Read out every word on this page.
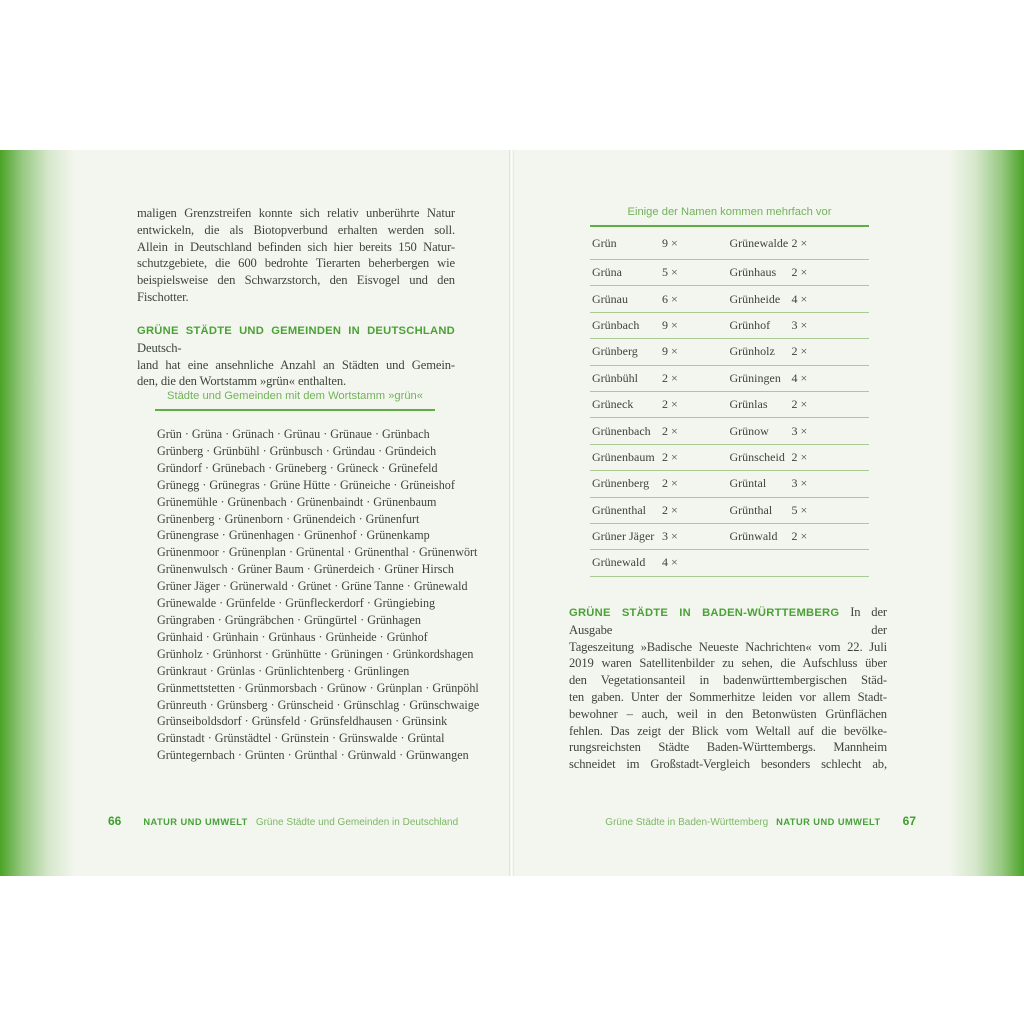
maligen Grenzstreifen konnte sich relativ unberührte Natur
entwickeln, die als Biotopverbund erhalten werden soll.
Allein in Deutschland befinden sich hier bereits 150 Natur-
schutzgebiete, die 600 bedrohte Tierarten beherbergen wie
beispielsweise den Schwarzstorch, den Eisvogel und den
Fischotter.
GRÜNE STÄDTE UND GEMEINDEN IN DEUTSCHLAND Deutsch-
land hat eine ansehnliche Anzahl an Städten und Gemein-
den, die den Wortstamm »grün« enthalten.
Städte und Gemeinden mit dem Wortstamm »grün«
Grün · Grüna · Grünach · Grünau · Grünaue · Grünbach
Grünberg · Grünbühl · Grünbusch · Gründau · Gründeich
Gründorf · Grünebach · Grüneberg · Grüneck · Grünefeld
Grünegg · Grünegras · Grüne Hütte · Grüneiche · Grüneishof
Grünemühle · Grünenbach · Grünenbaindt · Grünenbaum
Grünenberg · Grünenborn · Grünendeich · Grünenfurt
Grünengrase · Grünenhagen · Grünenhof · Grünenkamp
Grünenmoor · Grünenplan · Grünental · Grünenthal · Grünenwört
Grünenwulsch · Grüner Baum · Grünerdeich · Grüner Hirsch
Grüner Jäger · Grünerwald · Grünet · Grüne Tanne · Grünewald
Grünewalde · Grünfelde · Grünfleckerdorf · Grüngiebing
Grüngraben · Grüngräbchen · Grüngürtel · Grünhagen
Grünhaid · Grünhain · Grünhaus · Grünheide · Grünhof
Grünholz · Grünhorst · Grünhütte · Grüningen · Grünkordshagen
Grünkraut · Grünlas · Grünlichtenberg · Grünlingen
Grünmettstetten · Grünmorsbach · Grünow · Grünplan · Grünpöhl
Grünreuth · Grünsberg · Grünscheid · Grünschlag · Grünschwaige
Grünseiboldsdorf · Grünsfeld · Grünsfeldhausen · Grünsink
Grünstadt · Grünstädtel · Grünstein · Grünswalde · Grüntal
Grüntegernbach · Grünten · Grünthal · Grünwald · Grünwangen
Einige der Namen kommen mehrfach vor
Grün	9 ×	Grünewalde 2 ×
Grüna	5 ×	Grünhaus	2 ×
Grünau	6 ×	Grünheide 4 ×
Grünbach	9 ×	Grünhof	3 ×
Grünberg	9 ×	Grünholz	2 ×
Grünbühl	2 ×	Grüningen 4 ×
Grüneck	2 ×	Grünlas	2 ×
Grünenbach 2 ×	Grünow	3 ×
Grünenbaum 2 ×	Grünscheid 2 ×
Grünenberg	2 ×	Grüntal	3 ×
Grünenthal	2 ×	Grünthal	5 ×
Grüner Jäger 3 ×	Grünwald	2 ×
Grünewald	4 ×
GRÜNE STÄDTE IN BADEN-WÜRTTEMBERG In der Ausgabe der
Tageszeitung »Badische Neueste Nachrichten« vom 22. Juli
2019 waren Satellitenbilder zu sehen, die Aufschluss über
den Vegetationsanteil in badenwürttembergischen Städ-
ten gaben. Unter der Sommerhitze leiden vor allem Stadt-
bewohner – auch, weil in den Betonwüsten Grünflächen
fehlen. Das zeigt der Blick vom Weltall auf die bevölke-
rungsreichsten Städte Baden-Württembergs. Mannheim
schneidet im Großstadt-Vergleich besonders schlecht ab,
66 NATUR UND UMWELT Grüne Städte und Gemeinden in Deutschland	Grüne Städte in Baden-Württemberg NATUR UND UMWELT 67
